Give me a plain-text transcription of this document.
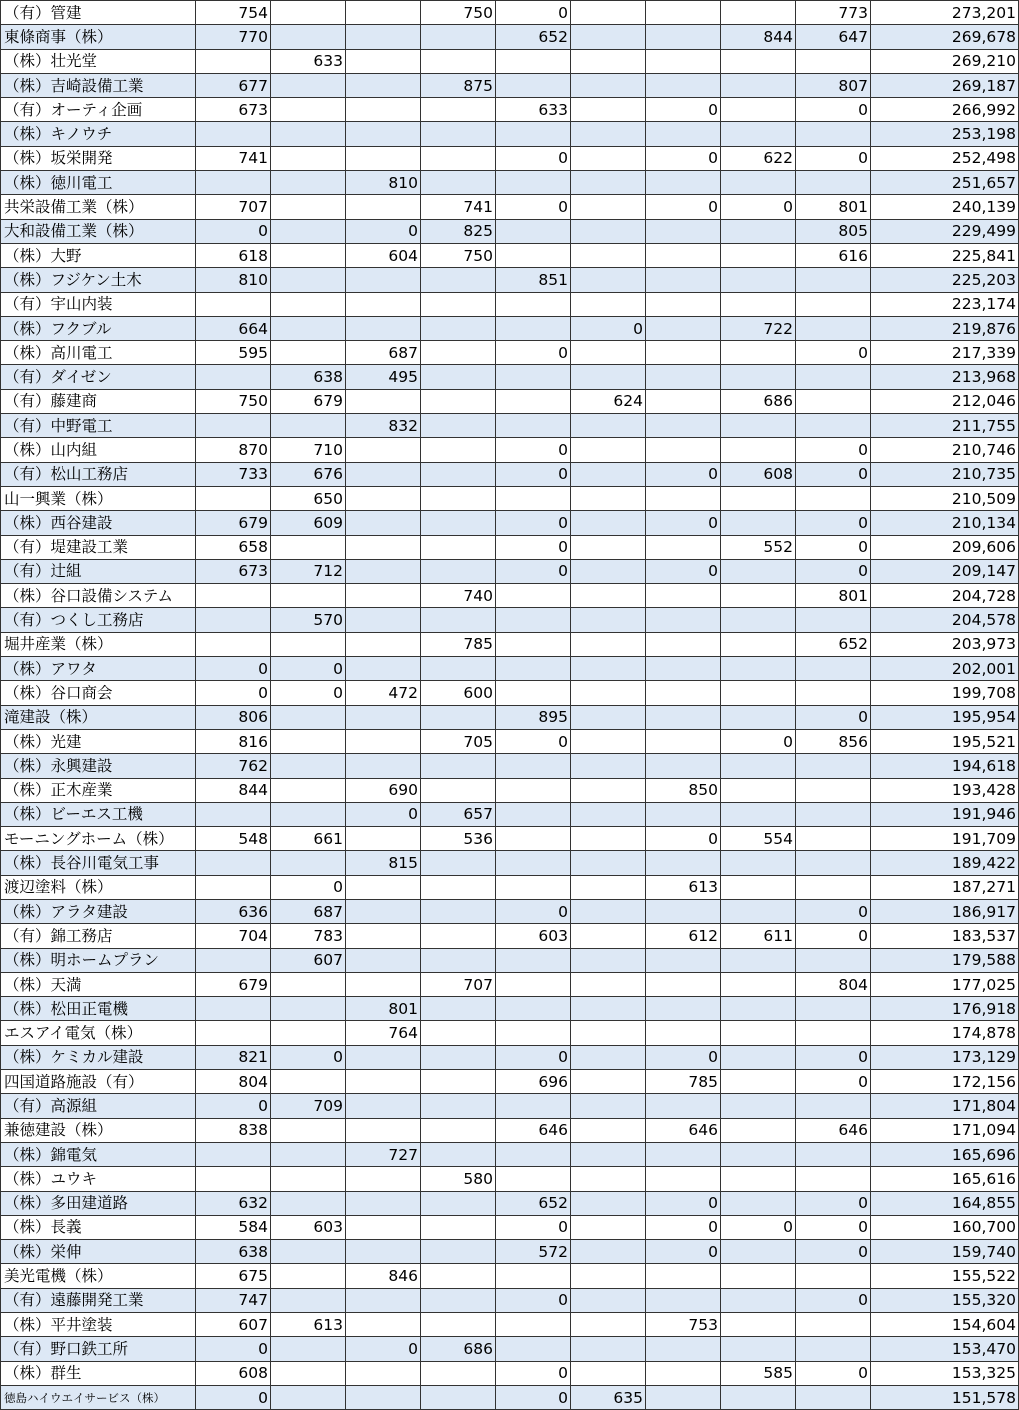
（有）管建	754			750	0				773	273,201
東條商事（株）	770				652			844	647	269,678
（株）壮光堂		633								269,210
（株）吉崎設備工業	677			875					807	269,187
（有）オーティ企画	673				633		0		0	266,992
（株）キノウチ										253,198
（株）坂栄開発	741				0		0	622	0	252,498
（株）徳川電工			810							251,657
共栄設備工業（株）	707			741	0		0	0	801	240,139
大和設備工業（株）	0		0	825					805	229,499
（株）大野	618		604	750					616	225,841
（株）フジケン土木	810				851					225,203
（有）宇山内装										223,174
（株）フクブル	664					0		722		219,876
（株）高川電工	595		687		0				0	217,339
（有）ダイゼン		638	495							213,968
（有）藤建商	750	679				624		686		212,046
（有）中野電工			832							211,755
（株）山内組	870	710			0				0	210,746
（有）松山工務店	733	676			0		0	608	0	210,735
山一興業（株）		650								210,509
（株）西谷建設	679	609			0		0		0	210,134
（有）堤建設工業	658				0			552	0	209,606
（有）辻組	673	712			0		0		0	209,147
（株）谷口設備システム				740					801	204,728
（有）つくし工務店		570								204,578
堀井産業（株）				785					652	203,973
（株）アワタ	0	0								202,001
（株）谷口商会	0	0	472	600						199,708
滝建設（株）	806				895				0	195,954
（株）光建	816			705	0			0	856	195,521
（株）永興建設	762									194,618
（株）正木産業	844		690				850			193,428
（株）ビーエス工機			0	657						191,946
モーニングホーム（株）	548	661		536			0	554		191,709
（株）長谷川電気工事			815							189,422
渡辺塗料（株）		0					613			187,271
（株）アラタ建設	636	687			0				0	186,917
（有）錦工務店	704	783			603		612	611	0	183,537
（株）明ホームプラン		607								179,588
（株）天満	679			707					804	177,025
（株）松田正電機			801							176,918
エスアイ電気（株）			764							174,878
（株）ケミカル建設	821	0			0		0		0	173,129
四国道路施設（有）	804				696		785		0	172,156
（有）高源組	0	709								171,804
兼徳建設（株）	838				646		646		646	171,094
（株）錦電気			727							165,696
（株）ユウキ				580						165,616
（株）多田建道路	632				652		0		0	164,855
（株）長義	584	603			0		0	0	0	160,700
（株）栄伸	638				572		0		0	159,740
美光電機（株）	675		846							155,522
（有）遠藤開発工業	747				0				0	155,320
（株）平井塗装	607	613					753			154,604
（有）野口鉄工所	0		0	686						153,470
（株）群生	608				0			585	0	153,325
徳島ハイウエイサービス（株）	0				0	635				151,578
